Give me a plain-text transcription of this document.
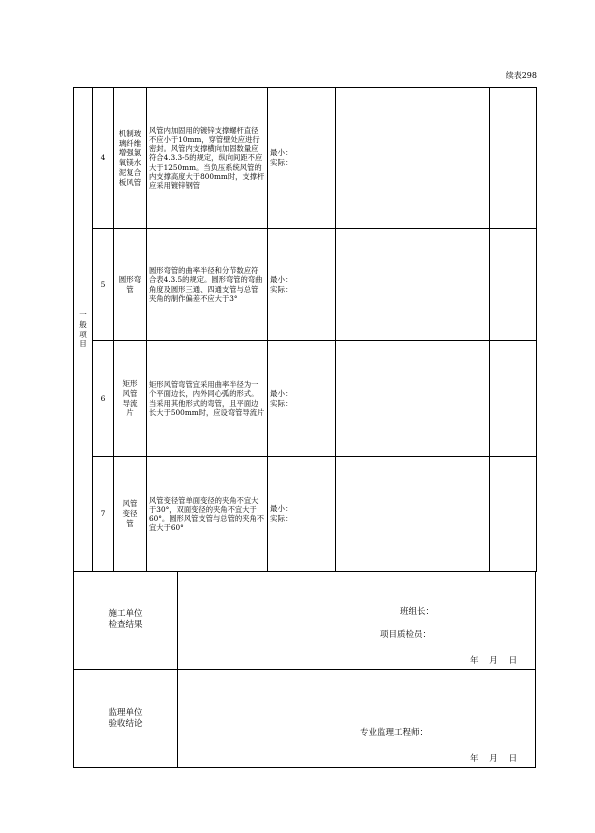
续表298
一般项目	4	机制玻璃纤维增强氯氧镁水泥复合板风管	风管内加固用的镀锌支撑螺杆直径不应小于10mm，穿管壁处应进行密封。风管内支撑横向加固数量应符合4.3.3-5的规定，纵向间距不应大于1250mm。当负压系统风管的内支撑高度大于800mm时，支撑杆应采用镀锌钢管	最小：
实际：		

	5	圆形弯管	圆形弯管的曲率半径和分节数应符合表4.3.5的规定。圆形弯管的弯曲角度及圆形三通、四通支管与总管夹角的制作偏差不应大于3°	最小：
实际：		

	6	矩形风管导流片	矩形风管弯管宜采用曲率半径为一个平面边长，内外同心弧的形式。当采用其他形式的弯管，且平面边长大于500mm时，应设弯管导流片	最小：
实际：		

	7	风管变径管	风管变径管单面变径的夹角不宜大于30°，双面变径的夹角不宜大于60°。圆形风管支管与总管的夹角不宜大于60°	最小：
实际：		

施工单位
检查结果
班组长：
项目质检员：
年    月    日
监理单位
验收结论
专业监理工程师：
年    月    日
